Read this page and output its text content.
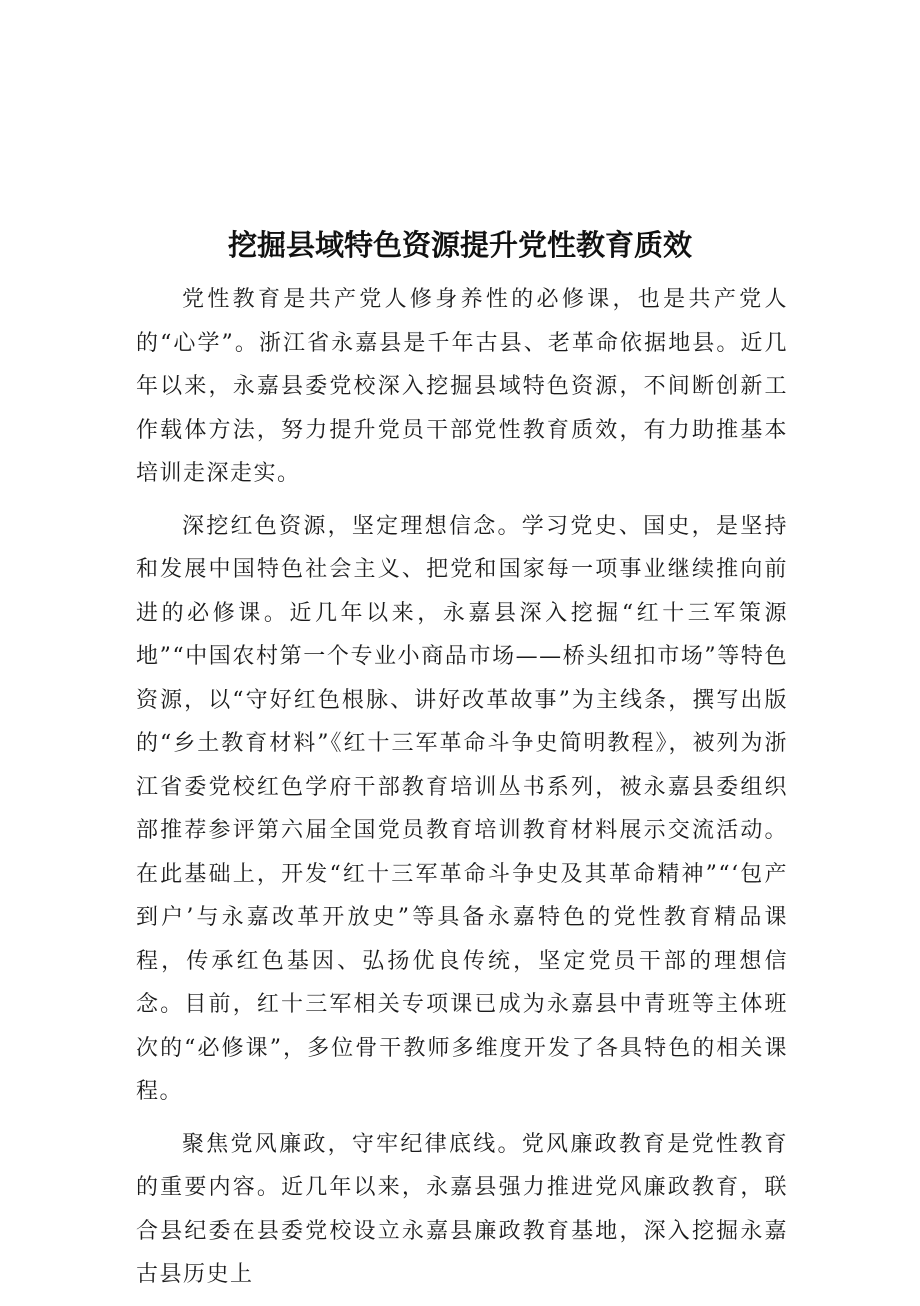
挖掘县域特色资源提升党性教育质效

党性教育是共产党人修身养性的必修课，也是共产党人的“心学”。浙江省永嘉县是千年古县、老革命依据地县。近几年以来，永嘉县委党校深入挖掘县域特色资源，不间断创新工作载体方法，努力提升党员干部党性教育质效，有力助推基本培训走深走实。

深挖红色资源，坚定理想信念。学习党史、国史，是坚持和发展中国特色社会主义、把党和国家每一项事业继续推向前进的必修课。近几年以来，永嘉县深入挖掘“红十三军策源地”“中国农村第一个专业小商品市场——桥头纽扣市场”等特色资源，以“守好红色根脉、讲好改革故事”为主线条，撰写出版的“乡土教育材料”《红十三军革命斗争史简明教程》，被列为浙江省委党校红色学府干部教育培训丛书系列，被永嘉县委组织部推荐参评第六届全国党员教育培训教育材料展示交流活动。在此基础上，开发“红十三军革命斗争史及其革命精神”“‘包产到户’与永嘉改革开放史”等具备永嘉特色的党性教育精品课程，传承红色基因、弘扬优良传统，坚定党员干部的理想信念。目前，红十三军相关专项课已成为永嘉县中青班等主体班次的“必修课”，多位骨干教师多维度开发了各具特色的相关课程。

聚焦党风廉政，守牢纪律底线。党风廉政教育是党性教育的重要内容。近几年以来，永嘉县强力推进党风廉政教育，联合县纪委在县委党校设立永嘉县廉政教育基地，深入挖掘永嘉古县历史上
